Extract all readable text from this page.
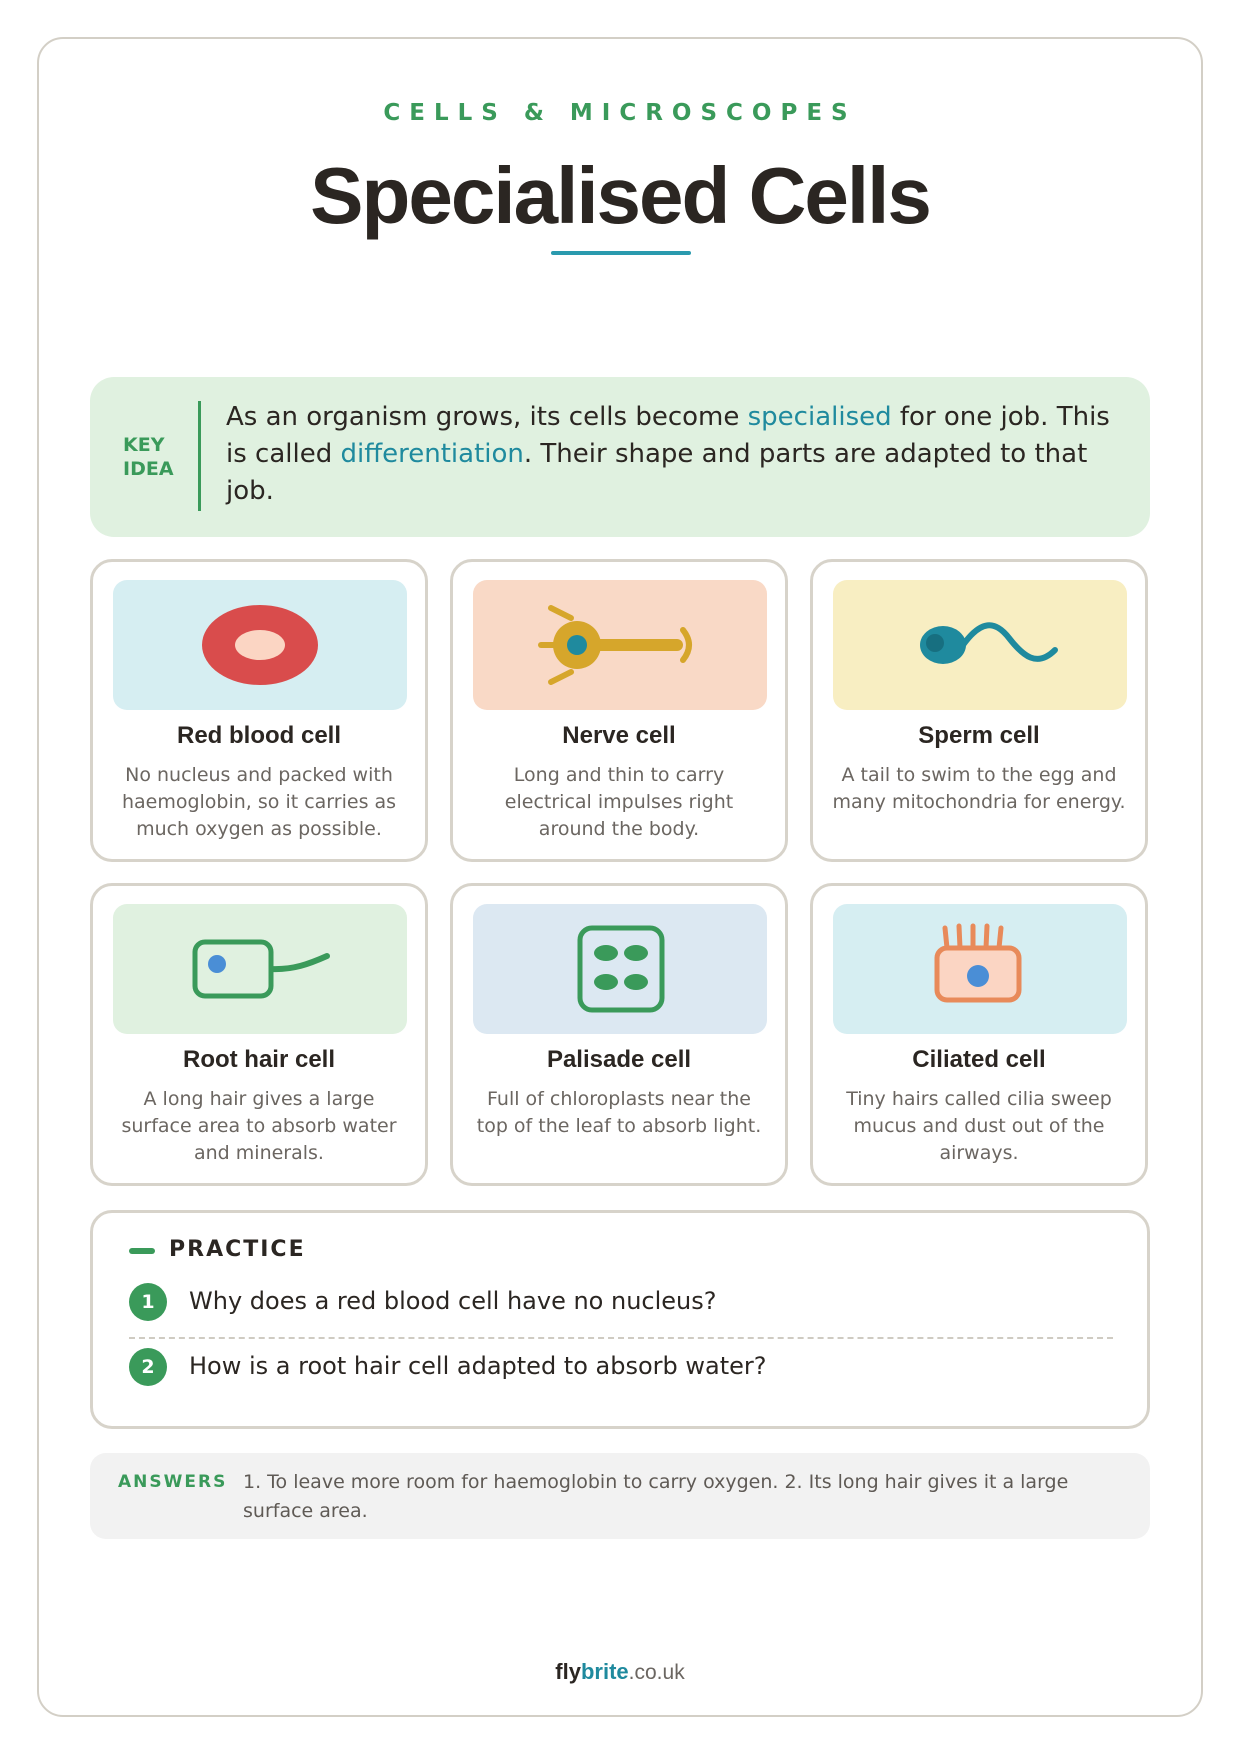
CELLS & MICROSCOPES
Specialised Cells
KEY
IDEA

As an organism grows, its cells become specialised for one job. This is called differentiation. Their shape and parts are adapted to that job.

Red blood cell
No nucleus and packed with haemoglobin, so it carries as much oxygen as possible.
Nerve cell
Long and thin to carry electrical impulses right around the body.
Sperm cell
A tail to swim to the egg and many mitochondria for energy.
Root hair cell
A long hair gives a large surface area to absorb water and minerals.
Palisade cell
Full of chloroplasts near the top of the leaf to absorb light.
Ciliated cell
Tiny hairs called cilia sweep mucus and dust out of the airways.
PRACTICE
1	Why does a red blood cell have no nucleus?
2	How is a root hair cell adapted to absorb water?
ANSWERS 1. To leave more room for haemoglobin to carry oxygen. 2. Its long hair gives it a large surface area.
flybrite.co.uk
